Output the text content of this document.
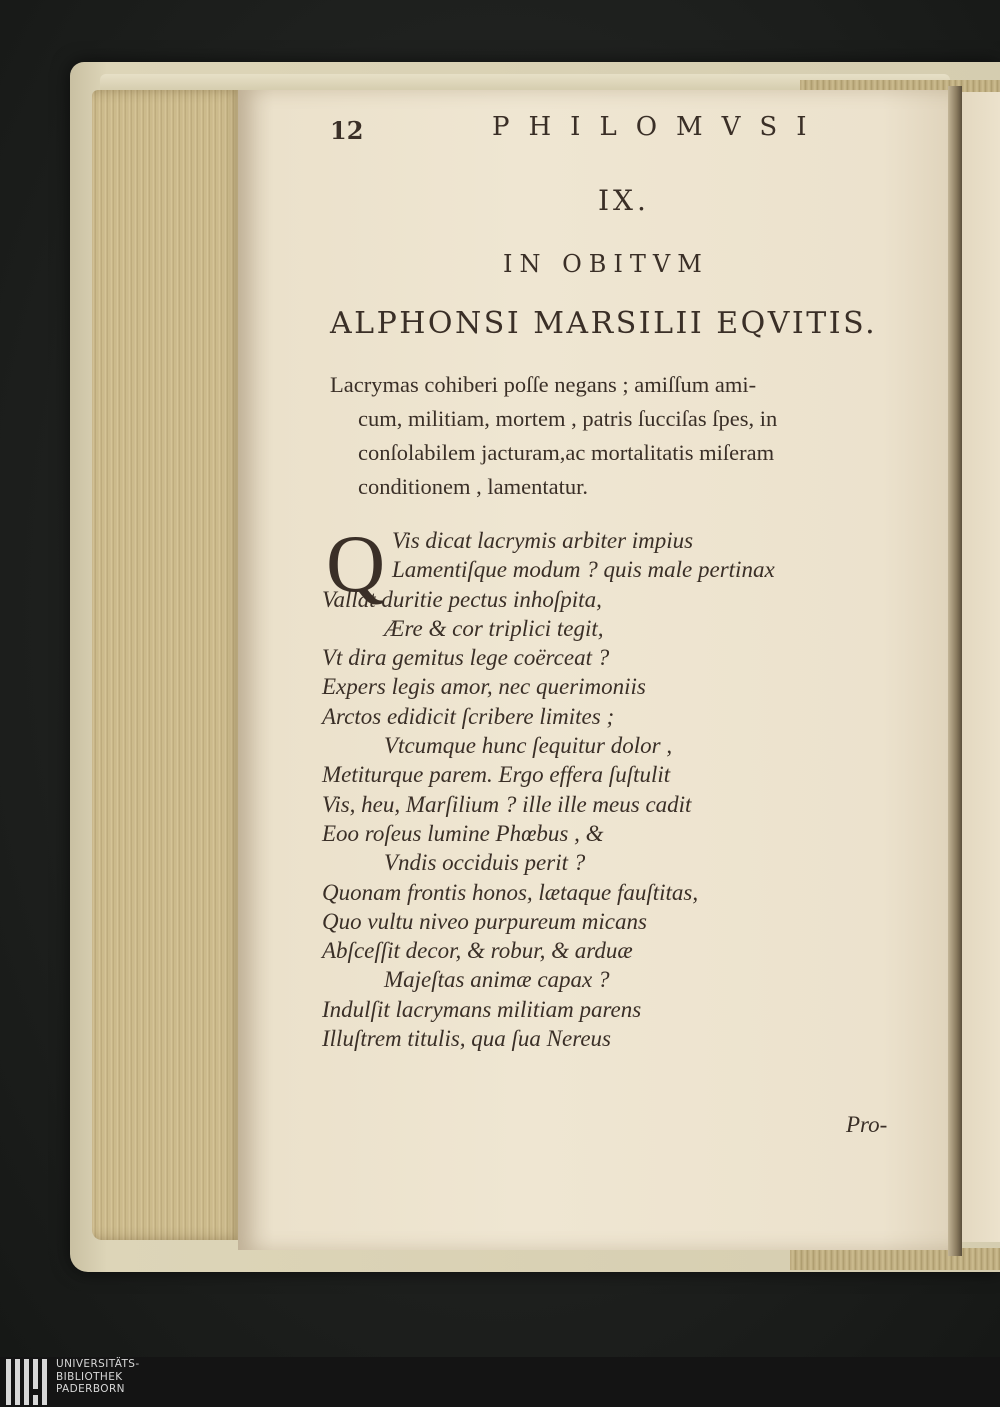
12	PHILOMVSI
IX.
IN OBITVM
ALPHONSI MARSILII EQVITIS.
Lacrymas cohiberi poſſe negans ; amiſſum ami-
cum, militiam, mortem , patris ſucciſas ſpes, in
conſolabilem jacturam,ac mortalitatis miſeram
conditionem , lamentatur.
Q Vis dicat lacrymis arbiter impius
Lamentiſque modum ? quis male pertinax
Vallat duritie pectus inhoſpita,
Ære & cor triplici tegit,
Vt dira gemitus lege coërceat ?
Expers legis amor, nec querimoniis
Arctos edidicit ſcribere limites ;
Vtcumque hunc ſequitur dolor ,
Metiturque parem. Ergo effera ſuſtulit
Vis, heu, Marſilium ? ille ille meus cadit
Eoo roſeus lumine Phœbus , &
Vndis occiduis perit ?
Quonam frontis honos, lætaque fauſtitas,
Quo vultu niveo purpureum micans
Abſceſſit decor, & robur, & arduæ
Majeſtas animæ capax ?
Indulſit lacrymans militiam parens
Illuſtrem titulis, qua ſua Nereus
Pro-
UNIVERSITÄTS-
BIBLIOTHEK
PADERBORN
